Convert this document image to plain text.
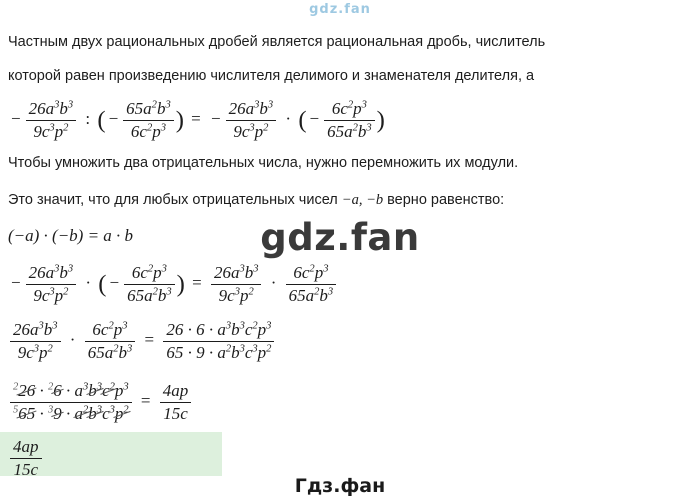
gdz.fan
Частным двух рациональных дробей является рациональная дробь, числитель
которой равен произведению числителя делимого и знаменателя делителя, а
− $\frac{26a^3b^3}{9c^3p^2}$ : ( − $\frac{65a^2b^3}{6c^2p^3}$ ) = − $\frac{26a^3b^3}{9c^3p^2}$ · ( − $\frac{6c^2p^3}{65a^2b^3}$ )
Чтобы умножить два отрицательных числа, нужно перемножить их модули.
Это значит, что для любых отрицательных чисел −a, −b верно равенство:
(−a) · (−b) = a · b	gdz.fan
− $\frac{26a^3b^3}{9c^3p^2}$ · ( − $\frac{6c^2p^3}{65a^2b^3}$ ) = $\frac{26a^3b^3}{9c^3p^2} \cdot \frac{6c^2p^3}{65a^2b^3}$
$\frac{26a^3b^3}{9c^3p^2} \cdot \frac{6c^2p^3}{65a^2b^3} = \frac{26 \cdot 6 \cdot a^3b^3c^2p^3}{65 \cdot 9 \cdot a^2b^3c^3p^2}$
$\frac{^226 \cdot ^26 \cdot a^3b^3c^2p^3}{^565 \cdot ^39 \cdot a^2b^3c^3p^2} = \frac{4ap}{15c}$
$\frac{4ap}{15c}$
Гдз.фан
